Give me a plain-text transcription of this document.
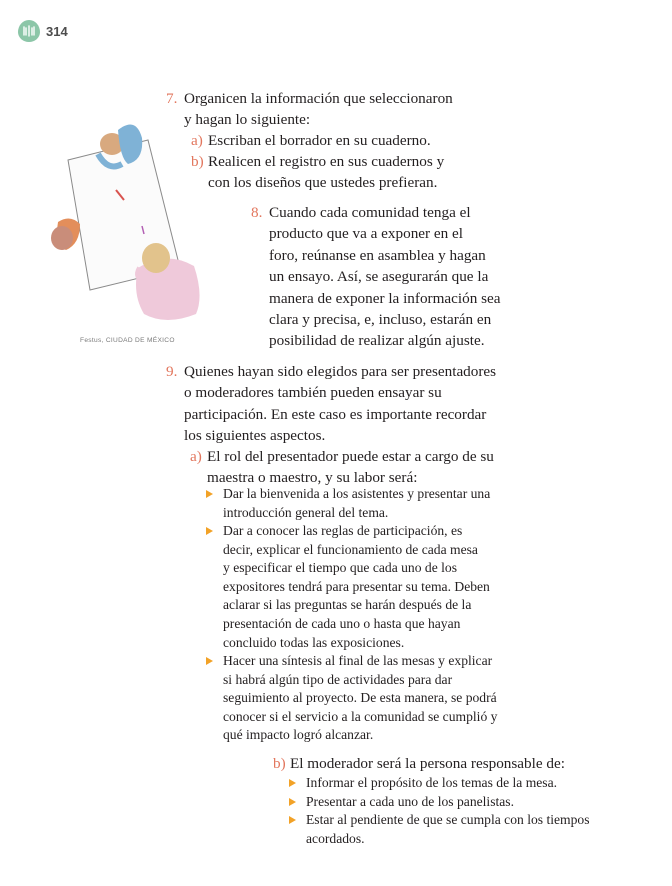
314
Festus, CIUDAD DE MÉXICO
7. Organicen la información que seleccionaron
y hagan lo siguiente:
a) Escriban el borrador en su cuaderno.
b) Realicen el registro en sus cuadernos y
con los diseños que ustedes prefieran.
8. Cuando cada comunidad tenga el
producto que va a exponer en el
foro, reúnanse en asamblea y hagan
un ensayo. Así, se asegurarán que la
manera de exponer la información sea
clara y precisa, e, incluso, estarán en
posibilidad de realizar algún ajuste.
9. Quienes hayan sido elegidos para ser presentadores
o moderadores también pueden ensayar su
participación. En este caso es importante recordar
los siguientes aspectos.
a) El rol del presentador puede estar a cargo de su
maestra o maestro, y su labor será:
Dar la bienvenida a los asistentes y presentar una
introducción general del tema.
Dar a conocer las reglas de participación, es
decir, explicar el funcionamiento de cada mesa
y especificar el tiempo que cada uno de los
expositores tendrá para presentar su tema. Deben
aclarar si las preguntas se harán después de la
presentación de cada uno o hasta que hayan
concluido todas las exposiciones.
Hacer una síntesis al final de las mesas y explicar
si habrá algún tipo de actividades para dar
seguimiento al proyecto. De esta manera, se podrá
conocer si el servicio a la comunidad se cumplió y
qué impacto logró alcanzar.
b) El moderador será la persona responsable de:
Informar el propósito de los temas de la mesa.
Presentar a cada uno de los panelistas.
Estar al pendiente de que se cumpla con los tiempos
acordados.
